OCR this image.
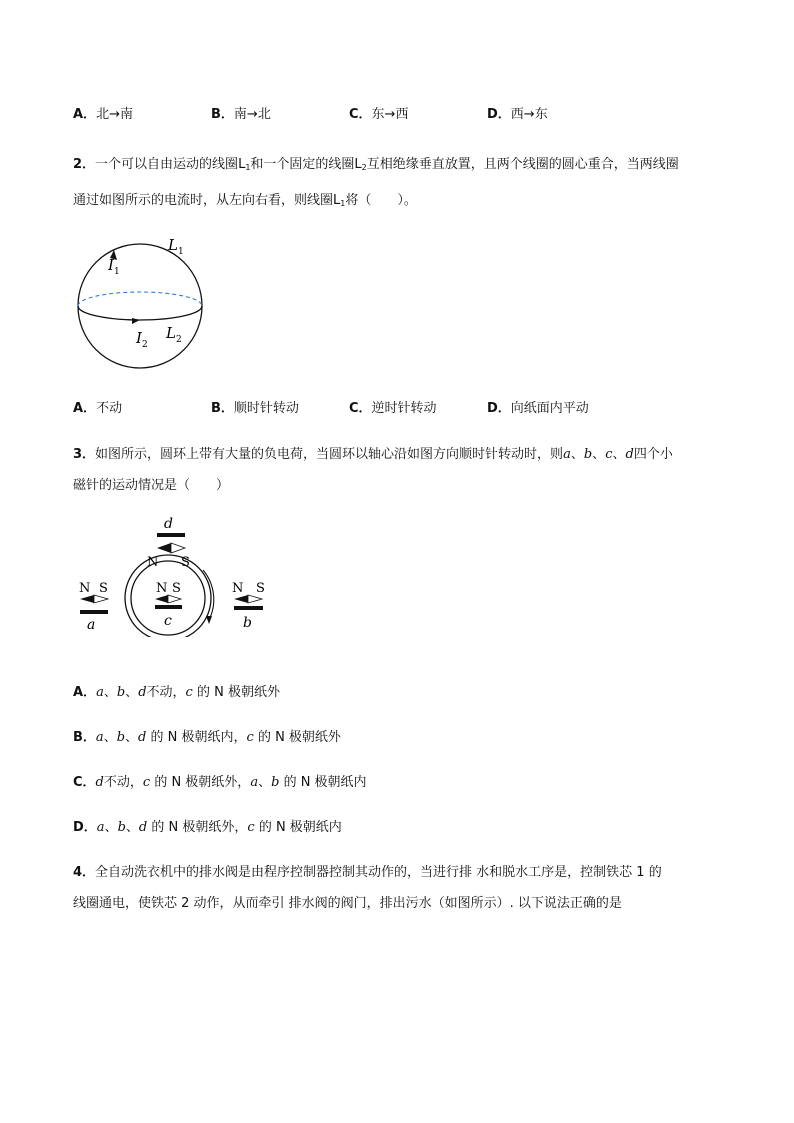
A．北→南	B．南→北	C．东→西	D．西→东
2．一个可以自由运动的线圈$L_1$和一个固定的线圈$L_2$互相绝缘垂直放置，且两个线圈的圆心重合，当两线圈
通过如图所示的电流时，从左向右看，则线圈$L_1$将（　　）。
$L_1$
$I_1$
$I_2$
$L_2$
A．不动	B．顺时针转动	C．逆时针转动	D．向纸面内平动
3．如图所示，圆环上带有大量的负电荷，当圆环以轴心沿如图方向顺时针转动时，则a、b、c、d四个小
磁针的运动情况是（　　）
d
N S
N S
c
N S
a
N S
b
A．a、b、d不动，c 的 N 极朝纸外
B．a、b、d 的 N 极朝纸内，c 的 N 极朝纸外
C．d不动，c 的 N 极朝纸外，a、b 的 N 极朝纸内
D．a、b、d 的 N 极朝纸外，c 的 N 极朝纸内
4．全自动洗衣机中的排水阀是由程序控制器控制其动作的，当进行排 水和脱水工序是，控制铁芯 1 的
线圈通电，使铁芯 2 动作，从而牵引 排水阀的阀门，排出污水（如图所示）. 以下说法正确的是
